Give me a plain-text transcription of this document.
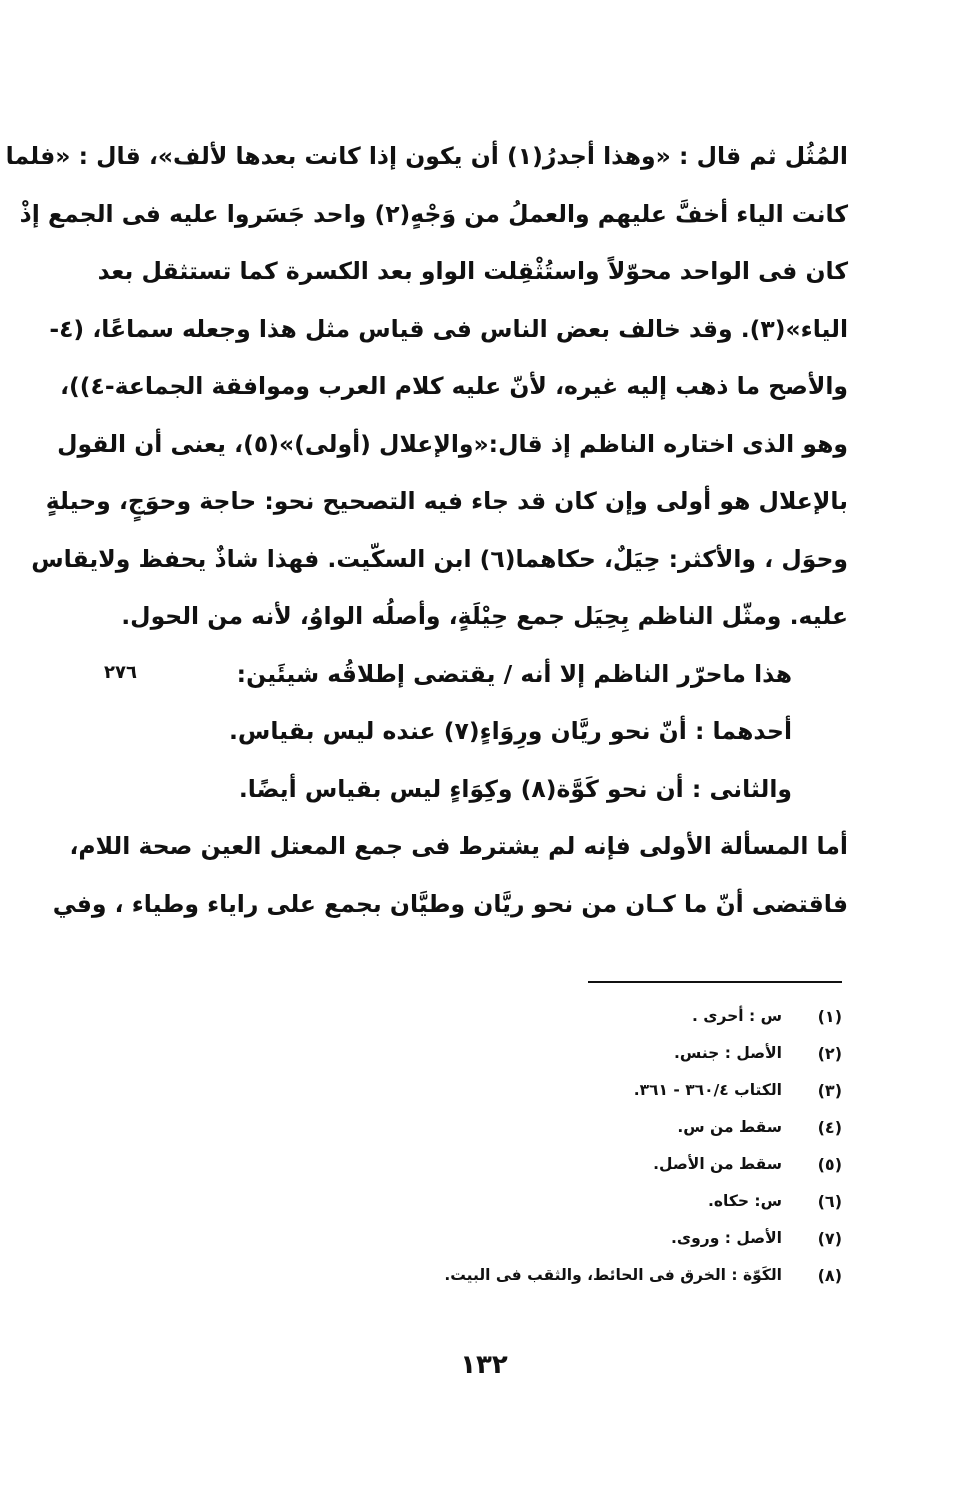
المُثُل ثم قال : «وهذا أجدرُ(١) أن يكون إذا كانت بعدها لألف»، قال : «فلما
كانت الياء أخفَّ عليهم والعملُ من وَجْهٍ(٢) واحد جَسَروا عليه فى الجمع إذْ
كان فى الواحد محوّلاً واستُثْقِلت الواو بعد الكسرة كما تستثقل بعد
الياء»(٣). وقد خالف بعض الناس فى قياس مثل هذا وجعله سماعًا، (٤-
والأصح ما ذهب إليه غيره، لأنّ عليه كلام العرب وموافقة الجماعة-٤))،
وهو الذى اختاره الناظم إذ قال:«والإعلال (أولى)»(٥)، يعنى أن القول
بالإعلال هو أولى وإن كان قد جاء فيه التصحيح نحو: حاجة وحوَجٍ، وحيلةٍ
وحوَل ، والأكثر: حِيَلٌ، حكاهما(٦) ابن السكّيت. فهذا شاذٌ يحفظ ولايقاس
عليه. ومثّل الناظم بِحِيَل جمع حِيْلَةٍ، وأصلُه الواوُ، لأنه من الحول.
هذا ماحرّر الناظم إلا أنه / يقتضى إطلاقُه شيئَين:
أحدهما : أنّ نحو ريَّان ورِوَاءٍ(٧) عنده ليس بقياس.
والثانى : أن نحو كَوَّة(٨) وكِوَاءٍ ليس بقياس أيضًا.
أما المسألة الأولى فإنه لم يشترط فى جمع المعتل العين صحة اللام،
فاقتضى أنّ ما كـان من نحو ريَّان وطيَّان بجمع على راياء وطياء ، وفي
٢٧٦
(١)
س : أحرى .
(٢)
الأصل : جنس.
(٣)
الكتاب ٣٦٠/٤ - ٣٦١.
(٤)
سقط من س.
(٥)
سقط من الأصل.
(٦)
س: حكاه.
(٧)
الأصل : وروى.
(٨)
الكَوّة : الخرق فى الحائط، والثقب فى البيت.
١٣٢
